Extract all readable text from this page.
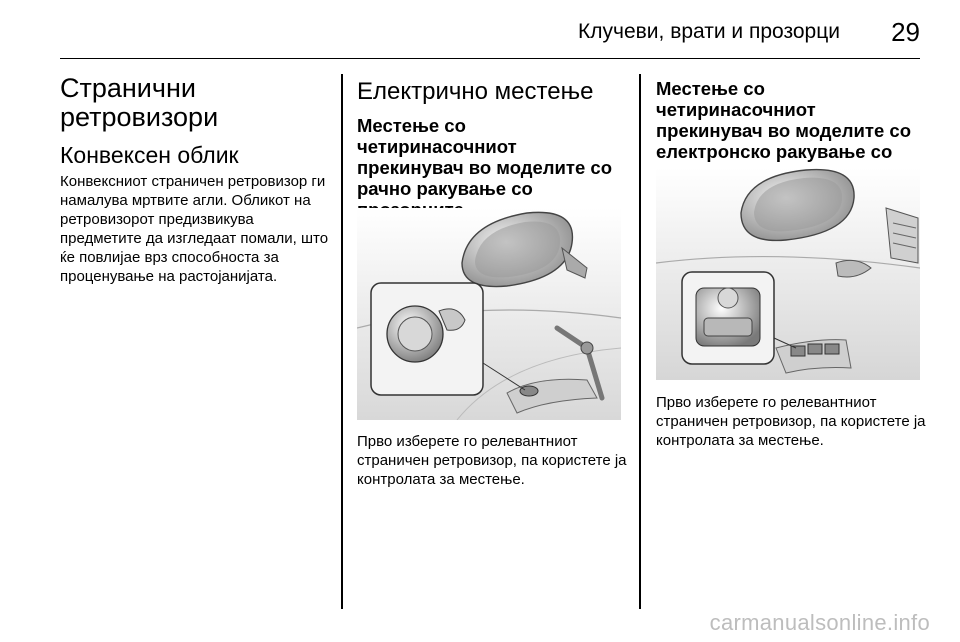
Клучеви, врати и прозорци 29
Странични ретровизори
Конвексен облик

Конвексниот страничен ретровизор ги намалува мртвите агли. Обликот на ретровизорот предизвикува предметите да изгледаат помали, што ќе повлијае врз способноста за проценување на растојанијата.

Електрично местење
Местење со четиринасочниот прекинувач во моделите со рачно ракување со

Прво изберете го релевантниот страничен ретровизор, па користете ја контролата за местење.

Местење со четиринасочниот прекинувач во моделите со електронско ракување со

Прво изберете го релевантниот страничен ретровизор, па користете ја контролата за местење.

carmanualsonline.info
